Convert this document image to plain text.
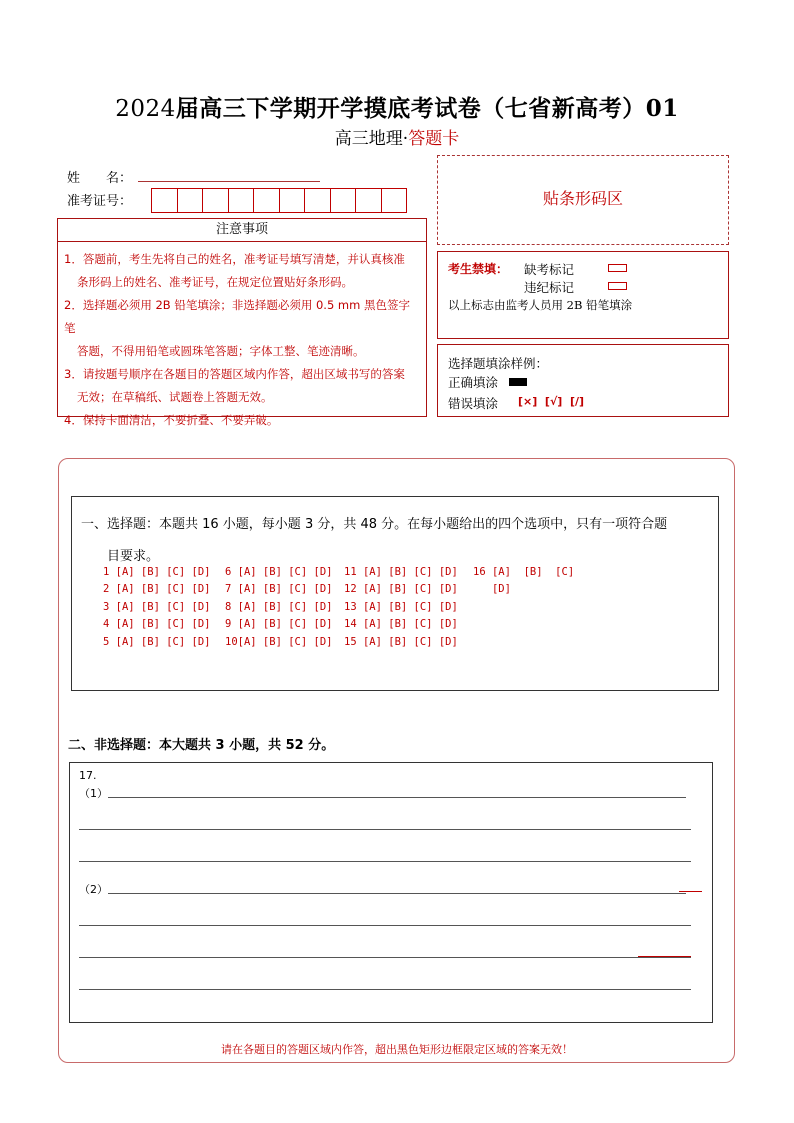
2024届高三下学期开学摸底考试卷（七省新高考）01
高三地理·答题卡
姓　　名：
准考证号：
注意事项

1．答题前，考生先将自己的姓名，准考证号填写清楚，并认真核准

条形码上的姓名、准考证号，在规定位置贴好条形码。

2．选择题必须用 2B 铅笔填涂；非选择题必须用 0.5 mm 黑色签字笔

答题，不得用铅笔或圆珠笔答题；字体工整、笔迹清晰。

3．请按题号顺序在各题目的答题区域内作答，超出区域书写的答案

无效；在草稿纸、试题卷上答题无效。

4．保持卡面清洁，不要折叠、不要弄破。

贴条形码区
考生禁填： 缺考标记
违纪标记
以上标志由监考人员用 2B 铅笔填涂
选择题填涂样例：
正确填涂
错误填涂 [×]  [√]  [/]
一、选择题：本题共 16 小题，每小题 3 分，共 48 分。在每小题给出的四个选项中，只有一项符合题
目要求。
1 [A] [B] [C] [D]
2 [A] [B] [C] [D]
3 [A] [B] [C] [D]
4 [A] [B] [C] [D]
5 [A] [B] [C] [D]
6 [A] [B] [C] [D]
7 [A] [B] [C] [D]
8 [A] [B] [C] [D]
9 [A] [B] [C] [D]
10[A] [B] [C] [D]
11 [A] [B] [C] [D]
12 [A] [B] [C] [D]
13 [A] [B] [C] [D]
14 [A] [B] [C] [D]
15 [A] [B] [C] [D]
16 [A]  [B]  [C]
[D]
二、非选择题：本大题共 3 小题，共 52 分。
17.
（1）
（2）
请在各题目的答题区域内作答，超出黑色矩形边框限定区域的答案无效！
